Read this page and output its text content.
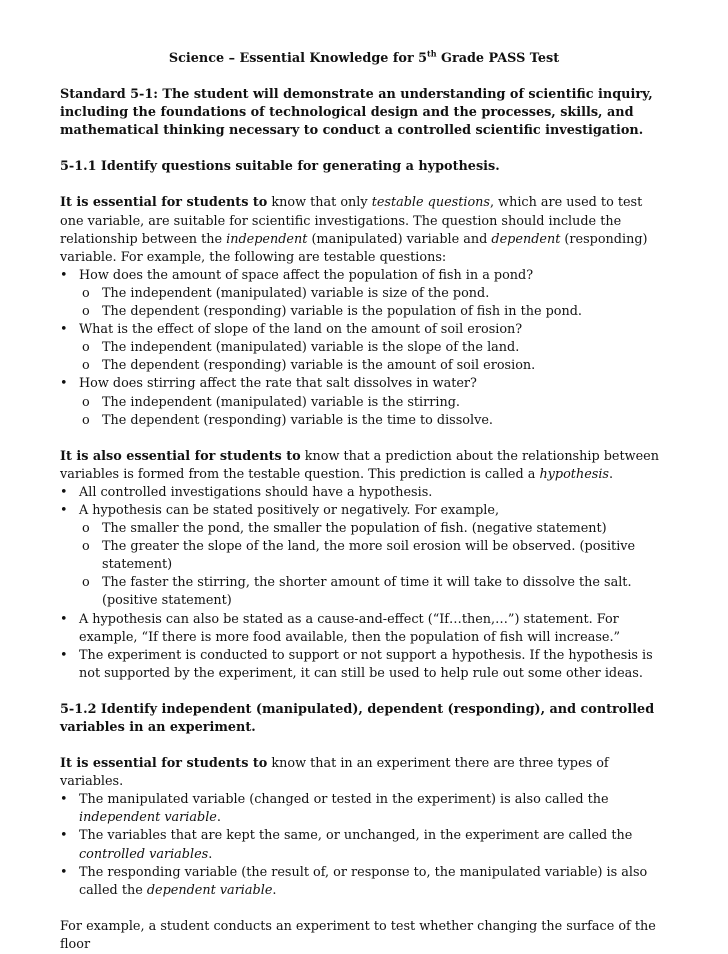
Science – Essential Knowledge for 5th Grade PASS Test

Standard 5-1: The student will demonstrate an understanding of scientific inquiry, including the foundations of technological design and the processes, skills, and mathematical thinking necessary to conduct a controlled scientific investigation.

5-1.1 Identify questions suitable for generating a hypothesis.

It is essential for students to know that only testable questions, which are used to test one variable, are suitable for scientific investigations. The question should include the relationship between the independent (manipulated) variable and dependent (responding) variable. For example, the following are testable questions:

• How does the amount of space affect the population of fish in a pond?
o The independent (manipulated) variable is size of the pond.
o The dependent (responding) variable is the population of fish in the pond.
• What is the effect of slope of the land on the amount of soil erosion?
o The independent (manipulated) variable is the slope of the land.
o The dependent (responding) variable is the amount of soil erosion.
• How does stirring affect the rate that salt dissolves in water?
o The independent (manipulated) variable is the stirring.
o The dependent (responding) variable is the time to dissolve.

It is also essential for students to know that a prediction about the relationship between variables is formed from the testable question. This prediction is called a hypothesis.

• All controlled investigations should have a hypothesis.
• A hypothesis can be stated positively or negatively. For example,
o The smaller the pond, the smaller the population of fish. (negative statement)
o The greater the slope of the land, the more soil erosion will be observed. (positive statement)
o The faster the stirring, the shorter amount of time it will take to dissolve the salt. (positive statement)
• A hypothesis can also be stated as a cause-and-effect (“If…then,…”) statement. For example, “If there is more food available, then the population of fish will increase.”
• The experiment is conducted to support or not support a hypothesis. If the hypothesis is not supported by the experiment, it can still be used to help rule out some other ideas.

5-1.2 Identify independent (manipulated), dependent (responding), and controlled variables in an experiment.

It is essential for students to know that in an experiment there are three types of variables.

• The manipulated variable (changed or tested in the experiment) is also called the independent variable.
• The variables that are kept the same, or unchanged, in the experiment are called the controlled variables.
• The responding variable (the result of, or response to, the manipulated variable) is also called the dependent variable.

For example, a student conducts an experiment to test whether changing the surface of the floor
